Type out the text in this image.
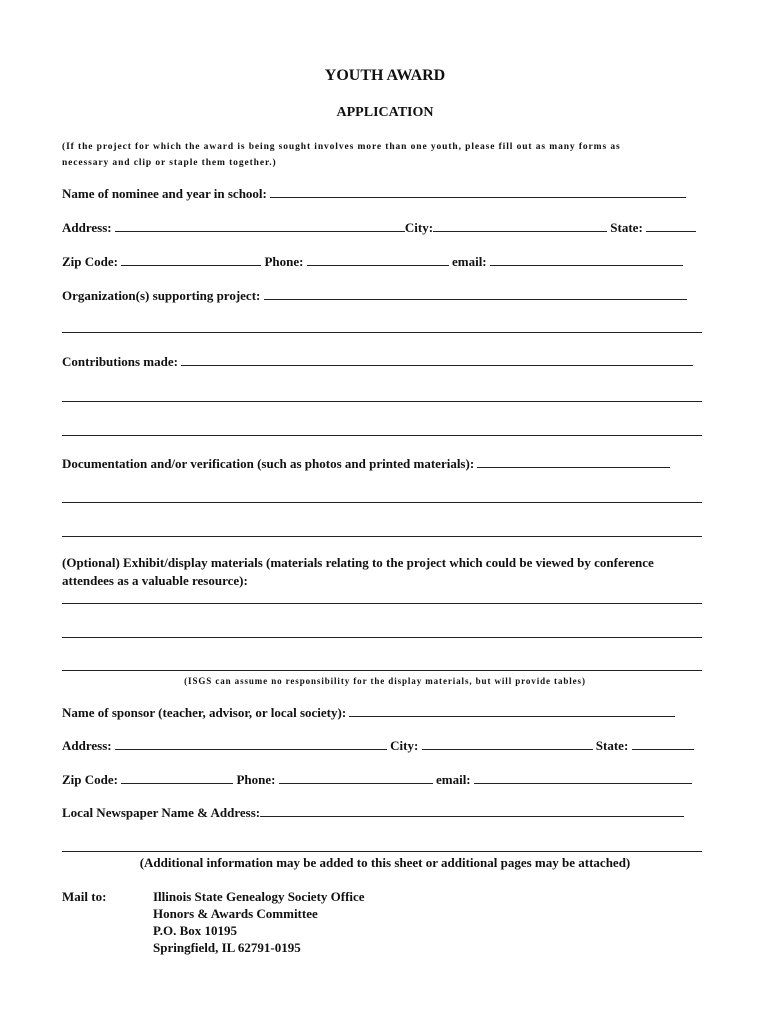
YOUTH AWARD
APPLICATION
(If the project for which the award is being sought involves more than one youth, please fill out as many forms as
necessary and clip or staple them together.)
Name of nominee and year in school:
Address:	City:	State:
Zip Code:	Phone:	email:
Organization(s) supporting project:
Contributions made:
Documentation and/or verification (such as photos and printed materials):
(Optional) Exhibit/display materials (materials relating to the project which could be viewed by conference
attendees as a valuable resource):
(ISGS can assume no responsibility for the display materials, but will provide tables)
Name of sponsor (teacher, advisor, or local society):
Address:	City:	State:
Zip Code:	Phone:	email:
Local Newspaper Name & Address:
(Additional information may be added to this sheet or additional pages may be attached)
Mail to:	Illinois State Genealogy Society Office
Honors & Awards Committee
P.O. Box 10195
Springfield, IL 62791-0195
